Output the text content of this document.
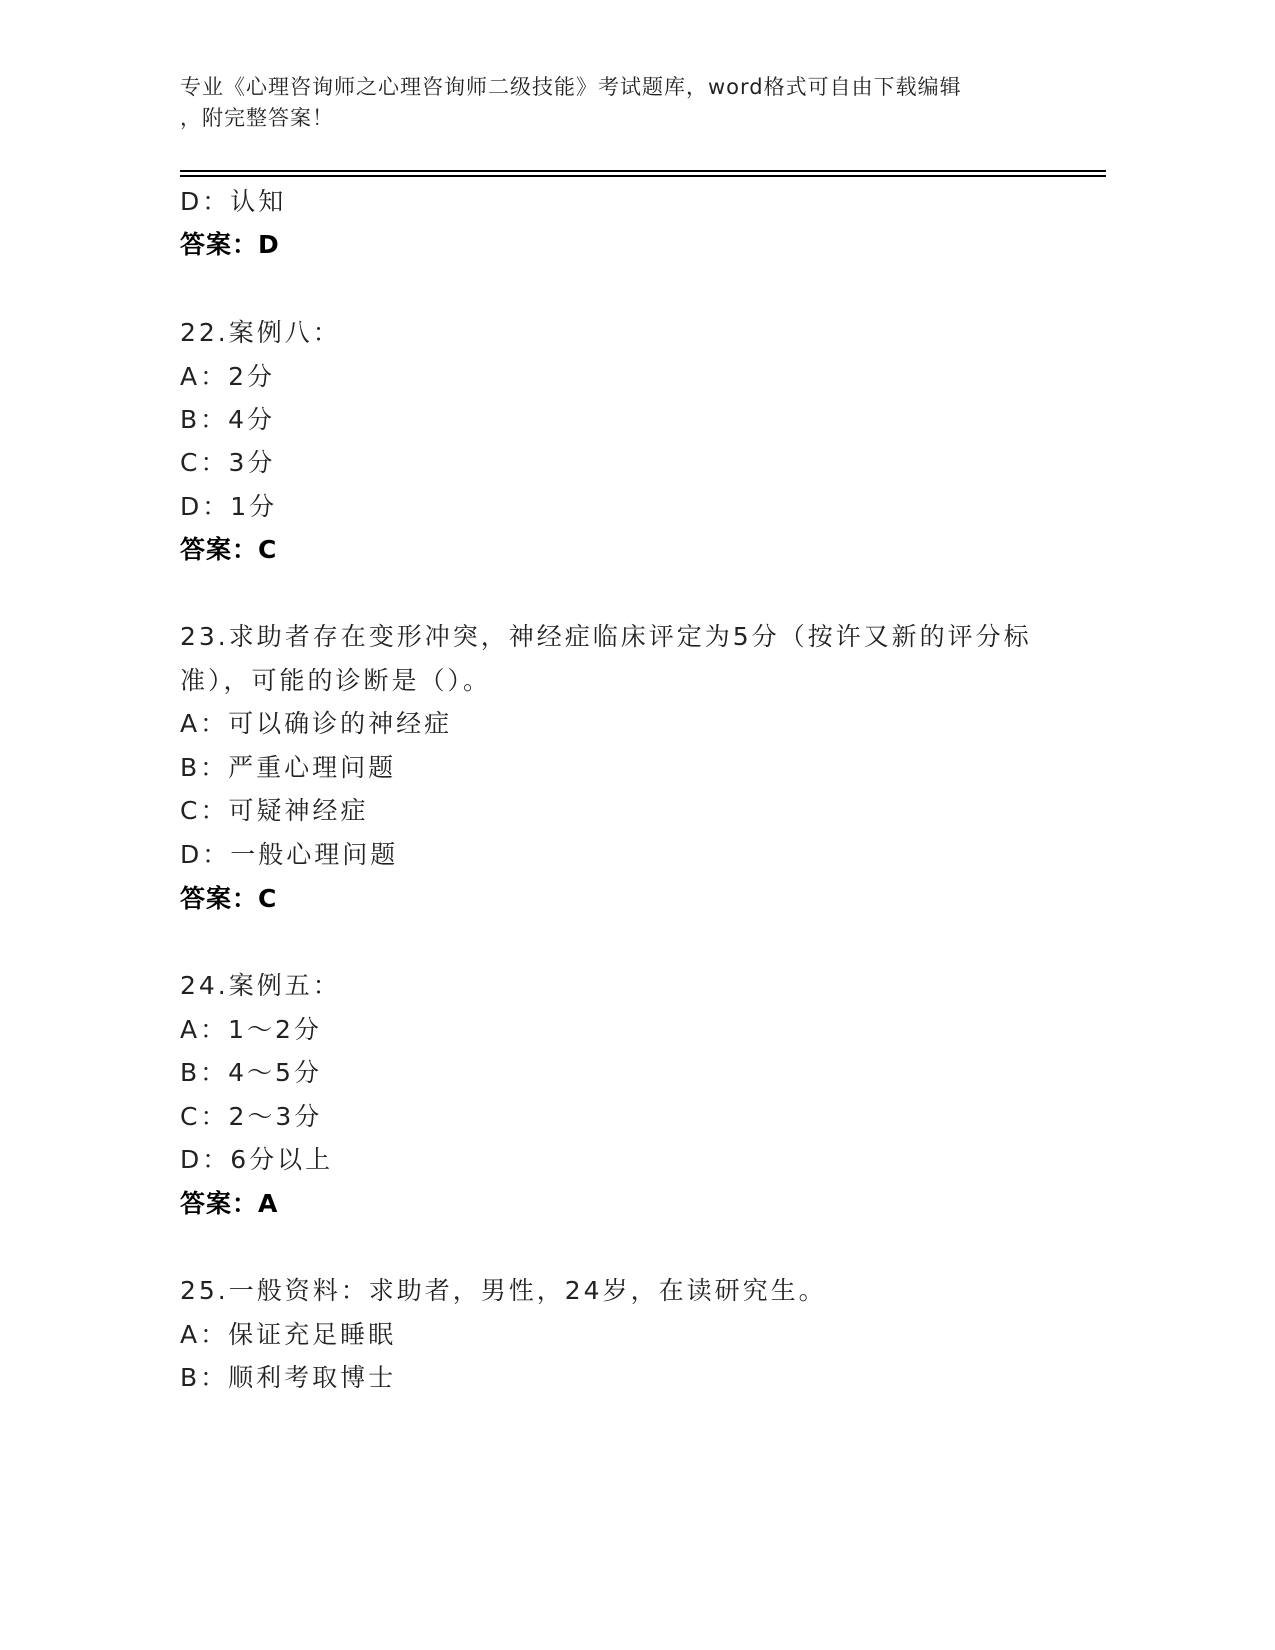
专业《心理咨询师之心理咨询师二级技能》考试题库，word格式可自由下载编辑
，附完整答案！
D：认知
答案：D
22.案例八：
A：2分
B：4分
C：3分
D：1分
答案：C
23.求助者存在变形冲突，神经症临床评定为5分（按许又新的评分标
准），可能的诊断是（）。
A：可以确诊的神经症
B：严重心理问题
C：可疑神经症
D：一般心理问题
答案：C
24.案例五：
A：1～2分
B：4～5分
C：2～3分
D：6分以上
答案：A
25.一般资料：求助者，男性，24岁，在读研究生。
A：保证充足睡眠
B：顺利考取博士
